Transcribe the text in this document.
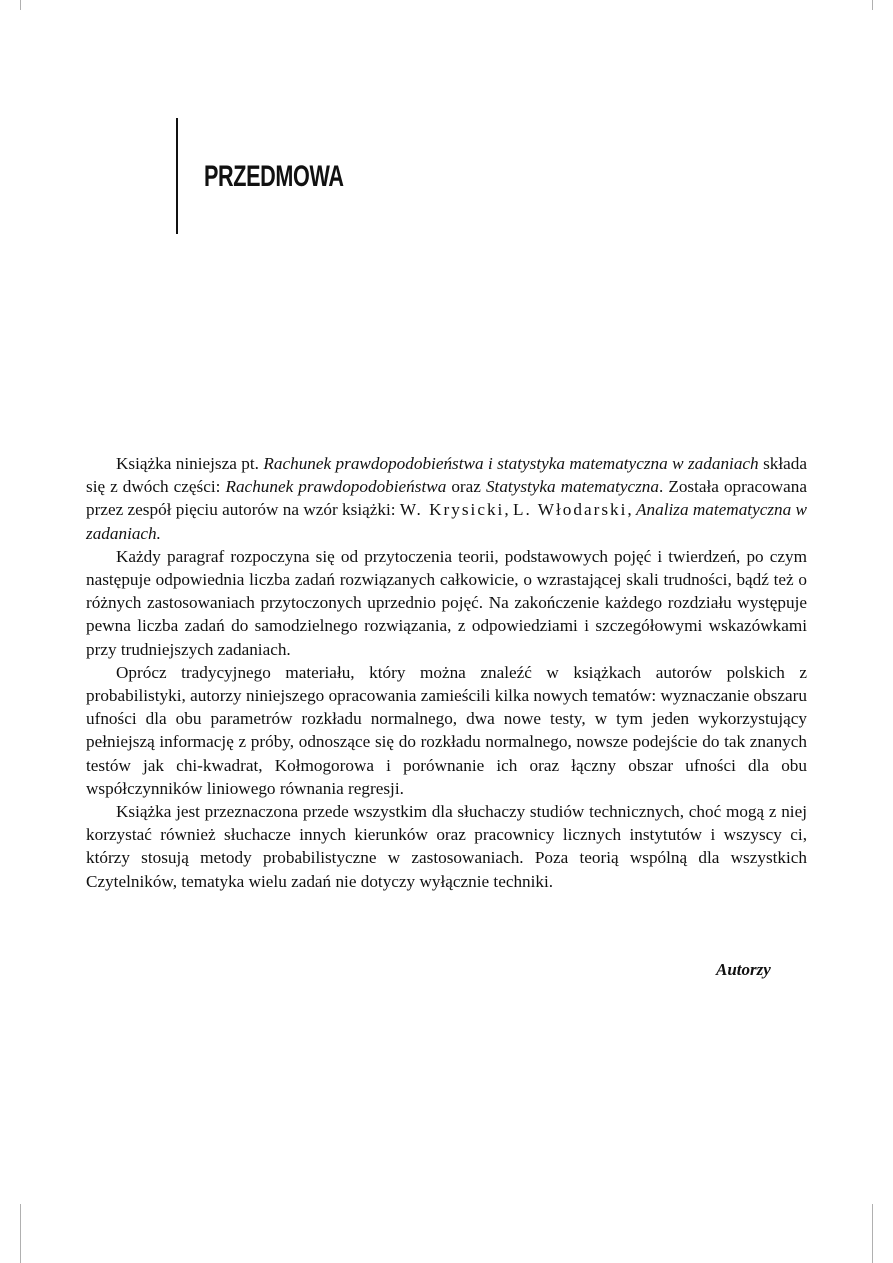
PRZEDMOWA

Książka niniejsza pt. Rachunek prawdopodobieństwa i statystyka matematyczna w zadaniach składa się z dwóch części: Rachunek prawdopodobieństwa oraz Statystyka matematyczna. Została opracowana przez zespół pięciu autorów na wzór książki: W. Krysicki, L. Włodarski, Analiza matematyczna w zadaniach.

Każdy paragraf rozpoczyna się od przytoczenia teorii, podstawowych pojęć i twierdzeń, po czym następuje odpowiednia liczba zadań rozwiązanych całkowicie, o wzrastającej skali trudności, bądź też o różnych zastosowaniach przytoczonych uprzednio pojęć. Na zakończenie każdego rozdziału występuje pewna liczba zadań do samodzielnego rozwiązania, z odpowiedziami i szczegółowymi wskazówkami przy trudniejszych zadaniach.

Oprócz tradycyjnego materiału, który można znaleźć w książkach autorów polskich z probabilistyki, autorzy niniejszego opracowania zamieścili kilka nowych tematów: wyznaczanie obszaru ufności dla obu parametrów rozkładu normalnego, dwa nowe testy, w tym jeden wykorzystujący pełniejszą informację z próby, odnoszące się do rozkładu normalnego, nowsze podejście do tak znanych testów jak chi-kwadrat, Kołmogorowa i porównanie ich oraz łączny obszar ufności dla obu współczynników liniowego równania regresji.

Książka jest przeznaczona przede wszystkim dla słuchaczy studiów technicznych, choć mogą z niej korzystać również słuchacze innych kierunków oraz pracownicy licznych instytutów i wszyscy ci, którzy stosują metody probabilistyczne w zastosowaniach. Poza teorią wspólną dla wszystkich Czytelników, tematyka wielu zadań nie dotyczy wyłącznie techniki.

Autorzy
